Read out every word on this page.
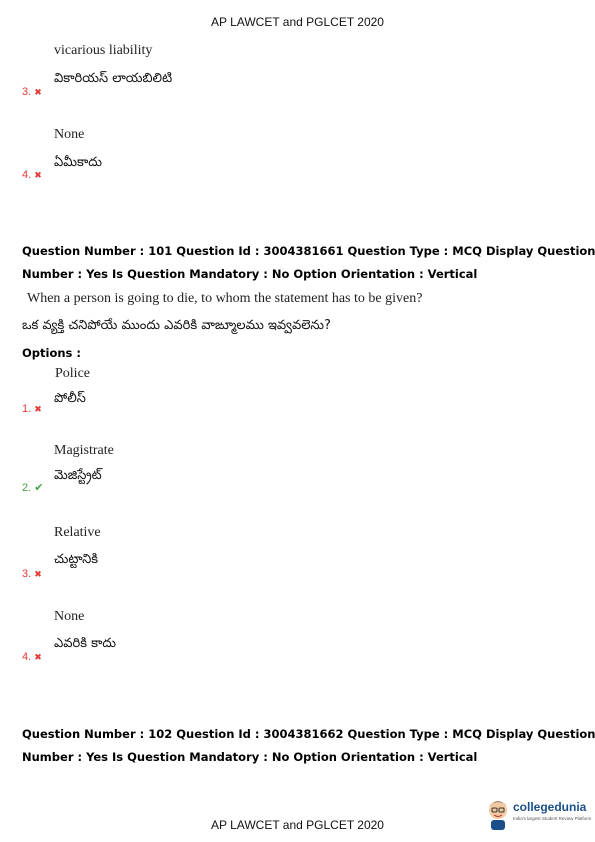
AP LAWCET and PGLCET 2020
vicarious liability
3. ✖
వికారియస్ లాయబిలిటి
None
4. ✖
ఏమీకాదు
Question Number : 101 Question Id : 3004381661 Question Type : MCQ Display Question
Number : Yes Is Question Mandatory : No Option Orientation : Vertical
When a person is going to die, to whom the statement has to be given?
ఒక వ్యక్తి చనిపోయే ముందు ఎవరికి వాఙ్మూలము ఇవ్వవలెను?
Options :
Police
1. ✖
పోలీస్
Magistrate
2. ✔
మెజిస్ట్రేట్
Relative
3. ✖
చుట్టానికి
None
4. ✖
ఎవరికి కాదు
Question Number : 102 Question Id : 3004381662 Question Type : MCQ Display Question
Number : Yes Is Question Mandatory : No Option Orientation : Vertical
collegedunia
India's largest Student Review Platform
AP LAWCET and PGLCET 2020
